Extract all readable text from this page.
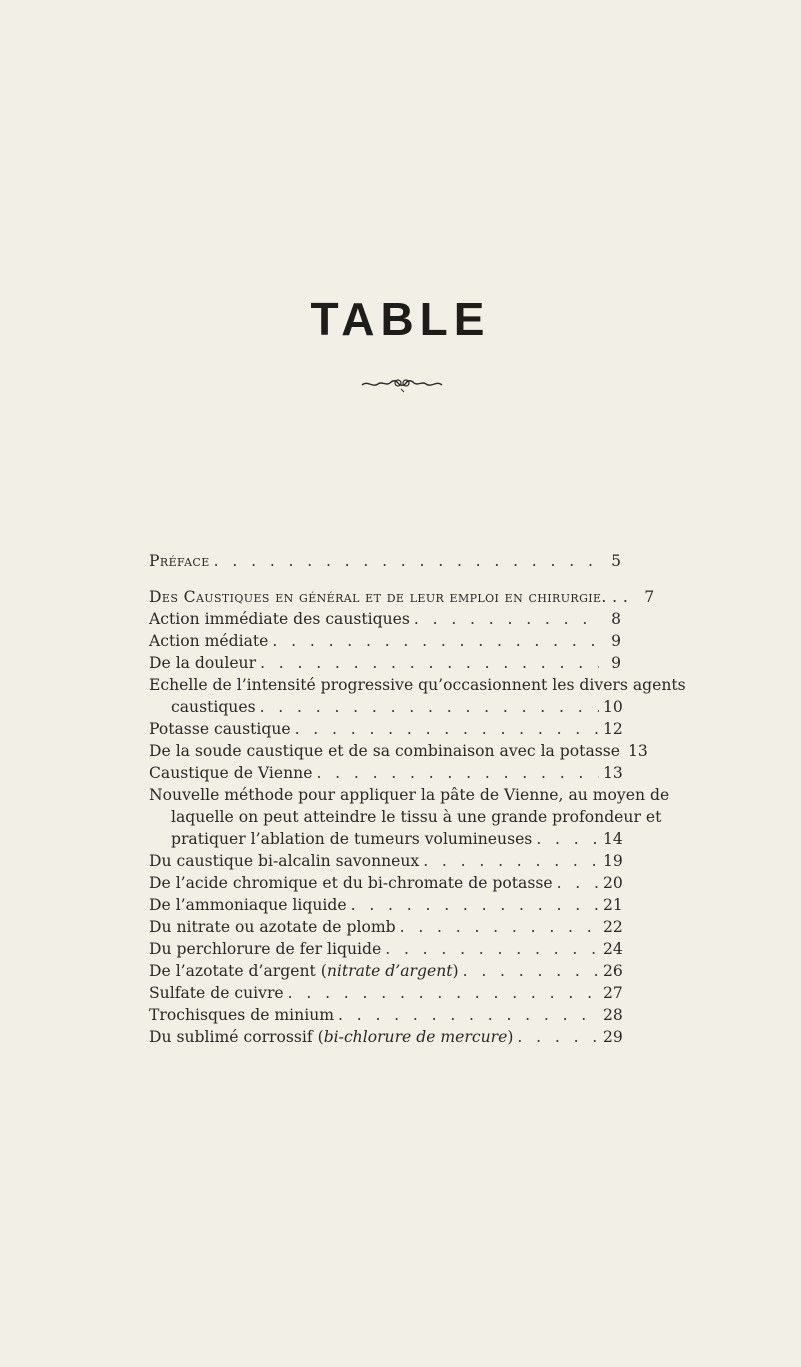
TABLE
Préface . . .	5
Des Caustiques en général et de leur emploi en chirurgie. . .	7
Action immédiate des caustiques . . .	8
Action médiate . . .	9
De la douleur . . .	9
Echelle de l’intensité progressive qu’occasionnent les divers agents
caustiques . . .	10
Potasse caustique . . .	12
De la soude caustique et de sa combinaison avec la potasse 13
Caustique de Vienne . . .	13
Nouvelle méthode pour appliquer la pâte de Vienne, au moyen de
laquelle on peut atteindre le tissu à une grande profondeur et
pratiquer l’ablation de tumeurs volumineuses . . .	14
Du caustique bi-alcalin savonneux . . .	19
De l’acide chromique et du bi-chromate de potasse . . .	20
De l’ammoniaque liquide . . .	21
Du nitrate ou azotate de plomb . . .	22
Du perchlorure de fer liquide . . .	24
De l’azotate d’argent (nitrate d’argent) . . .	26
Sulfate de cuivre . . .	27
Trochisques de minium . . .	28
Du sublimé corrossif (bi-chlorure de mercure) . . .	29
